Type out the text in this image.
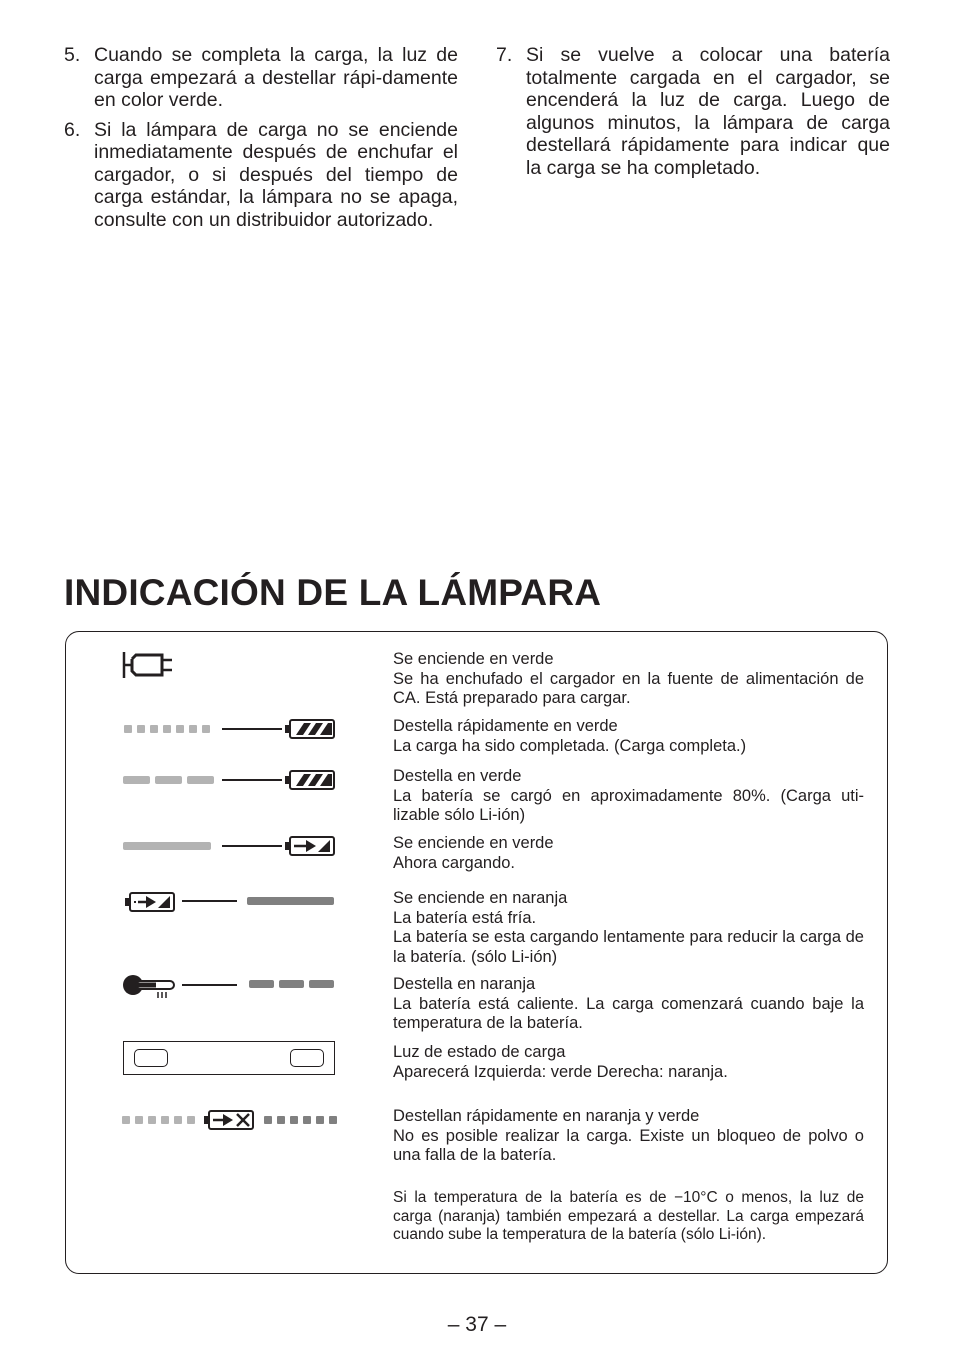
5. Cuando se completa la carga, la luz de carga empezará a destellar rápi-damente en color verde.
6. Si la lámpara de carga no se enciende inmediatamente después de enchufar el cargador, o si después del tiempo de carga estándar, la lámpara no se apaga, consulte con un distribuidor autorizado.
7. Si se vuelve a colocar una batería totalmente cargada en el cargador, se encenderá la luz de carga. Luego de algunos minutos, la lámpara de carga destellará rápidamente para indicar que la carga se ha completado.
INDICACIÓN DE LA LÁMPARA

Se enciende en verde

Se ha enchufado el cargador en la fuente de alimentación de CA. Está preparado para cargar.

Destella rápidamente en verde

La carga ha sido completada. (Carga completa.)

Destella en verde

La batería se cargó en aproximadamente 80%. (Carga uti-lizable sólo Li-ión)

Se enciende en verde

Ahora cargando.

Se enciende en naranja

La batería está fría.

La batería se esta cargando lentamente para reducir la carga de la batería. (sólo Li-ión)

Destella en naranja

La batería está caliente. La carga comenzará cuando baje la temperatura de la batería.

Luz de estado de carga

Aparecerá Izquierda: verde Derecha: naranja.

Destellan rápidamente en naranja y verde

No es posible realizar la carga. Existe un bloqueo de polvo o una falla de la batería.

Si la temperatura de la batería es de −10°C o menos, la luz de carga (naranja) también empezará a destellar. La carga empezará cuando sube la temperatura de la batería (sólo Li-ión).

– 37 –
